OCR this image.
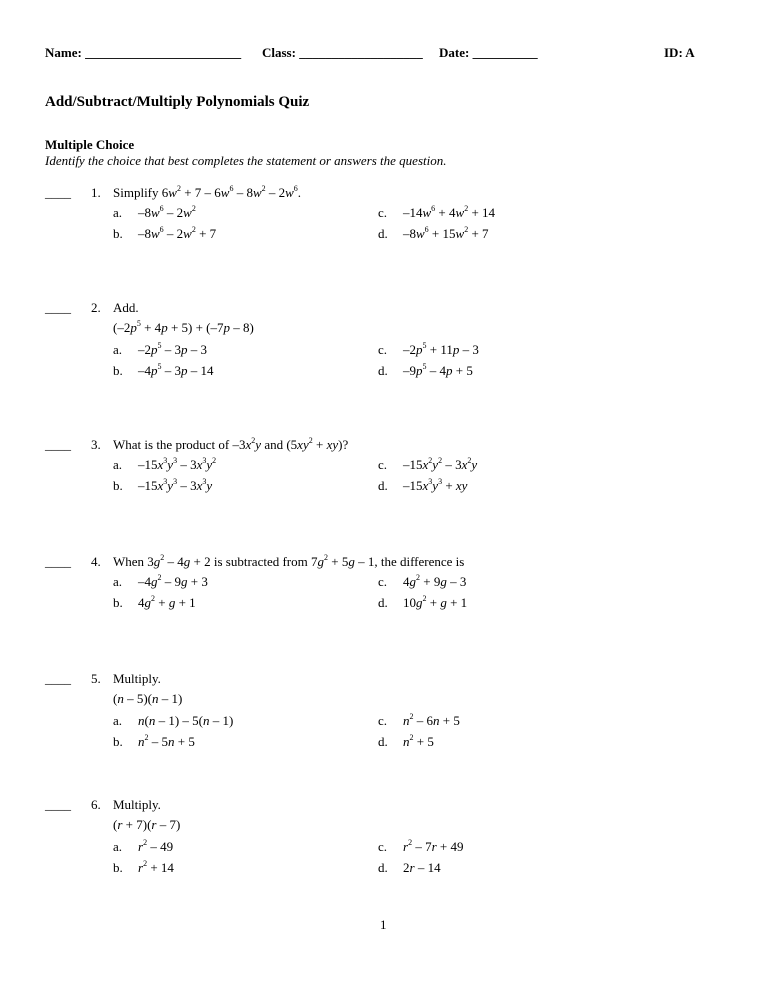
Name: ________________________ Class: ___________________ Date: __________	ID: A
Add/Subtract/Multiply Polynomials Quiz
Multiple Choice
Identify the choice that best completes the statement or answers the question.
____ 1. Simplify $6w^2 + 7 - 6w^6 - 8w^2 - 2w^6$.
a. $-8w^6 - 2w^2$
b. $-8w^6 - 2w^2 + 7$
c. $-14w^6 + 4w^2 + 14$
d. $-8w^6 + 15w^2 + 7$
____ 2. Add.
$(-2p^5 + 4p + 5) + (-7p - 8)$
a. $-2p^5 - 3p - 3$
b. $-4p^5 - 3p - 14$
c. $-2p^5 + 11p - 3$
d. $-9p^5 - 4p + 5$
____ 3. What is the product of $-3x^2y$ and $(5xy^2 + xy)$?
a. $-15x^3y^3 - 3x^3y^2$
b. $-15x^3y^3 - 3x^3y$
c. $-15x^2y^2 - 3x^2y$
d. $-15x^3y^3$ + xy
____ 4. When $3g^2 - 4g + 2$ is subtracted from $7g^2 + 5g - 1$, the difference is
a. $-4g^2 - 9g + 3$
b. $4g^2 + g + 1$
c. $4g^2 + 9g - 3$
d. $10g^2 + g + 1$
____ 5. Multiply.
(n – 5)(n – 1)
a. n(n – 1) – 5(n – 1)
b. $n^2 - 5n + 5$
c. $n^2 - 6n + 5$
d. $n^2 + 5$
____ 6. Multiply.
(r + 7)(r – 7)
a. $r^2 - 49$
b. $r^2 + 14$
c. $r^2 - 7r + 49$
d. 2r – 14
1
